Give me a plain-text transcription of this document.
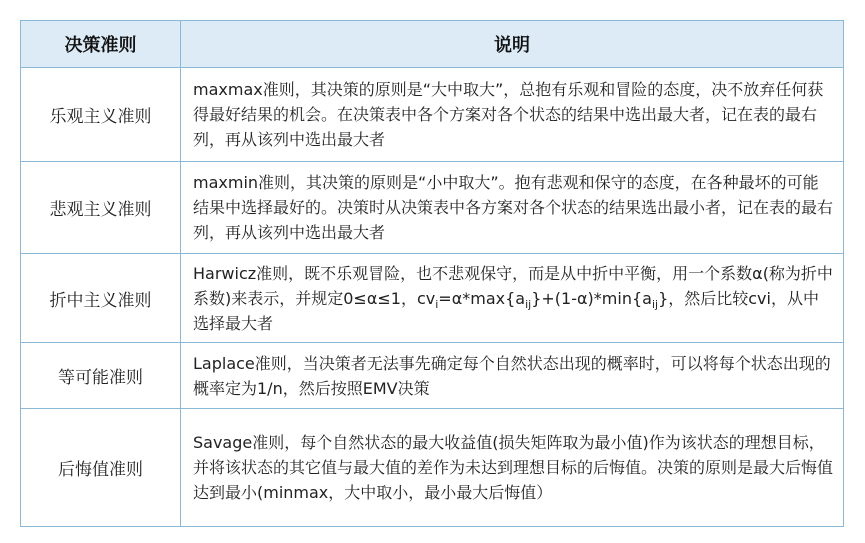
决策准则	说明
乐观主义准则	maxmax准则，其决策的原则是“大中取大”，总抱有乐观和冒险的态度，决不放弃任何获得最好结果的机会。在决策表中各个方案对各个状态的结果中选出最大者，记在表的最右列，再从该列中选出最大者
悲观主义准则	maxmin准则，其决策的原则是“小中取大”。抱有悲观和保守的态度，在各种最坏的可能结果中选择最好的。决策时从决策表中各方案对各个状态的结果选出最小者，记在表的最右列，再从该列中选出最大者
折中主义准则	Harwicz准则，既不乐观冒险，也不悲观保守，而是从中折中平衡，用一个系数α(称为折中系数)来表示，并规定0≤α≤1，$cv_i=\alpha*\max\{a_{ij}\}+(1-\alpha)*\min\{a_{ij}\}$，然后比较cvi，从中选择最大者
等可能准则	Laplace准则，当决策者无法事先确定每个自然状态出现的概率时，可以将每个状态出现的概率定为1/n，然后按照EMV决策
后悔值准则	Savage准则，每个自然状态的最大收益值(损失矩阵取为最小值)作为该状态的理想目标，并将该状态的其它值与最大值的差作为未达到理想目标的后悔值。决策的原则是最大后悔值达到最小(minmax，大中取小，最小最大后悔值）
